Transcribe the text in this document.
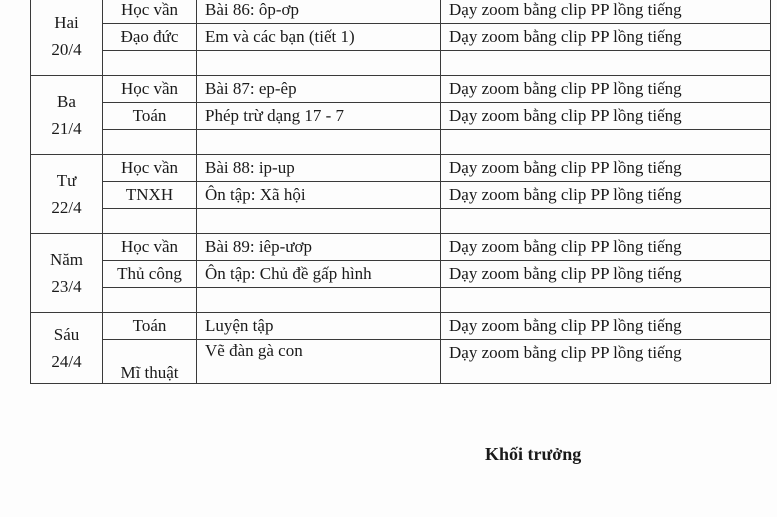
Hai
20/4	Học vần	Bài 86: ôp-ơp	Dạy zoom bằng clip PP lồng tiếng
	Đạo đức	Em và các bạn (tiết 1)	Dạy zoom bằng clip PP lồng tiếng

Ba
21/4	Học vần	Bài 87: ep-êp	Dạy zoom bằng clip PP lồng tiếng
	Toán	Phép trừ dạng 17 - 7	Dạy zoom bằng clip PP lồng tiếng

Tư
22/4	Học vần	Bài 88: ip-up	Dạy zoom bằng clip PP lồng tiếng
	TNXH	Ôn tập: Xã hội	Dạy zoom bằng clip PP lồng tiếng

Năm
23/4	Học vần	Bài 89: iêp-ươp	Dạy zoom bằng clip PP lồng tiếng
	Thủ công	Ôn tập: Chủ đề gấp hình	Dạy zoom bằng clip PP lồng tiếng

Sáu
24/4	Toán	Luyện tập	Dạy zoom bằng clip PP lồng tiếng
	Mĩ thuật	Vẽ đàn gà con	Dạy zoom bằng clip PP lồng tiếng
Khối trưởng
